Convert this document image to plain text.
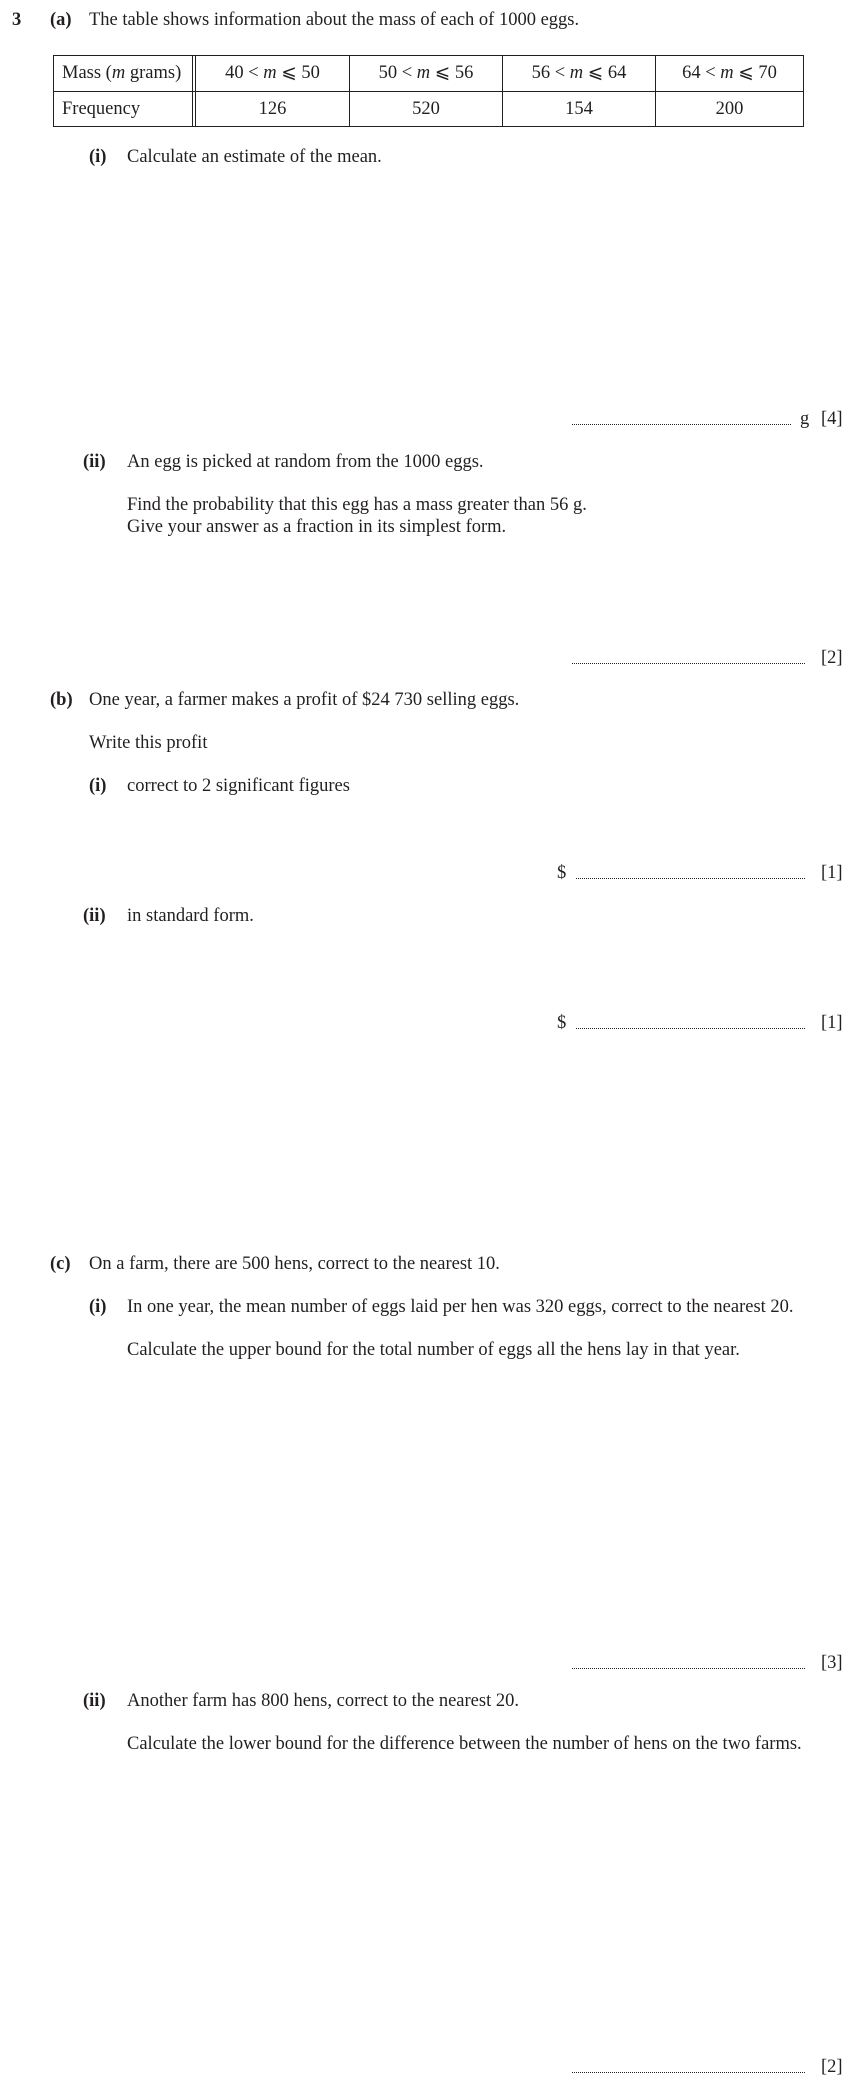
3 (a) The table shows information about the mass of each of 1000 eggs.
Mass (m grams)	40 < m ⩽ 50	50 < m ⩽ 56	56 < m ⩽ 64	64 < m ⩽ 70
Frequency	126	520	154	200
(i) Calculate an estimate of the mean.
g [4]
(ii) An egg is picked at random from the 1000 eggs.
Find the probability that this egg has a mass greater than 56 g.
Give your answer as a fraction in its simplest form.
[2]
(b) One year, a farmer makes a profit of $24 730 selling eggs.
Write this profit
(i) correct to 2 significant figures
$	[1]
(ii) in standard form.
$	[1]
(c) On a farm, there are 500 hens, correct to the nearest 10.
(i) In one year, the mean number of eggs laid per hen was 320 eggs, correct to the nearest 20.
Calculate the upper bound for the total number of eggs all the hens lay in that year.
[3]
(ii) Another farm has 800 hens, correct to the nearest 20.
Calculate the lower bound for the difference between the number of hens on the two farms.
[2]
